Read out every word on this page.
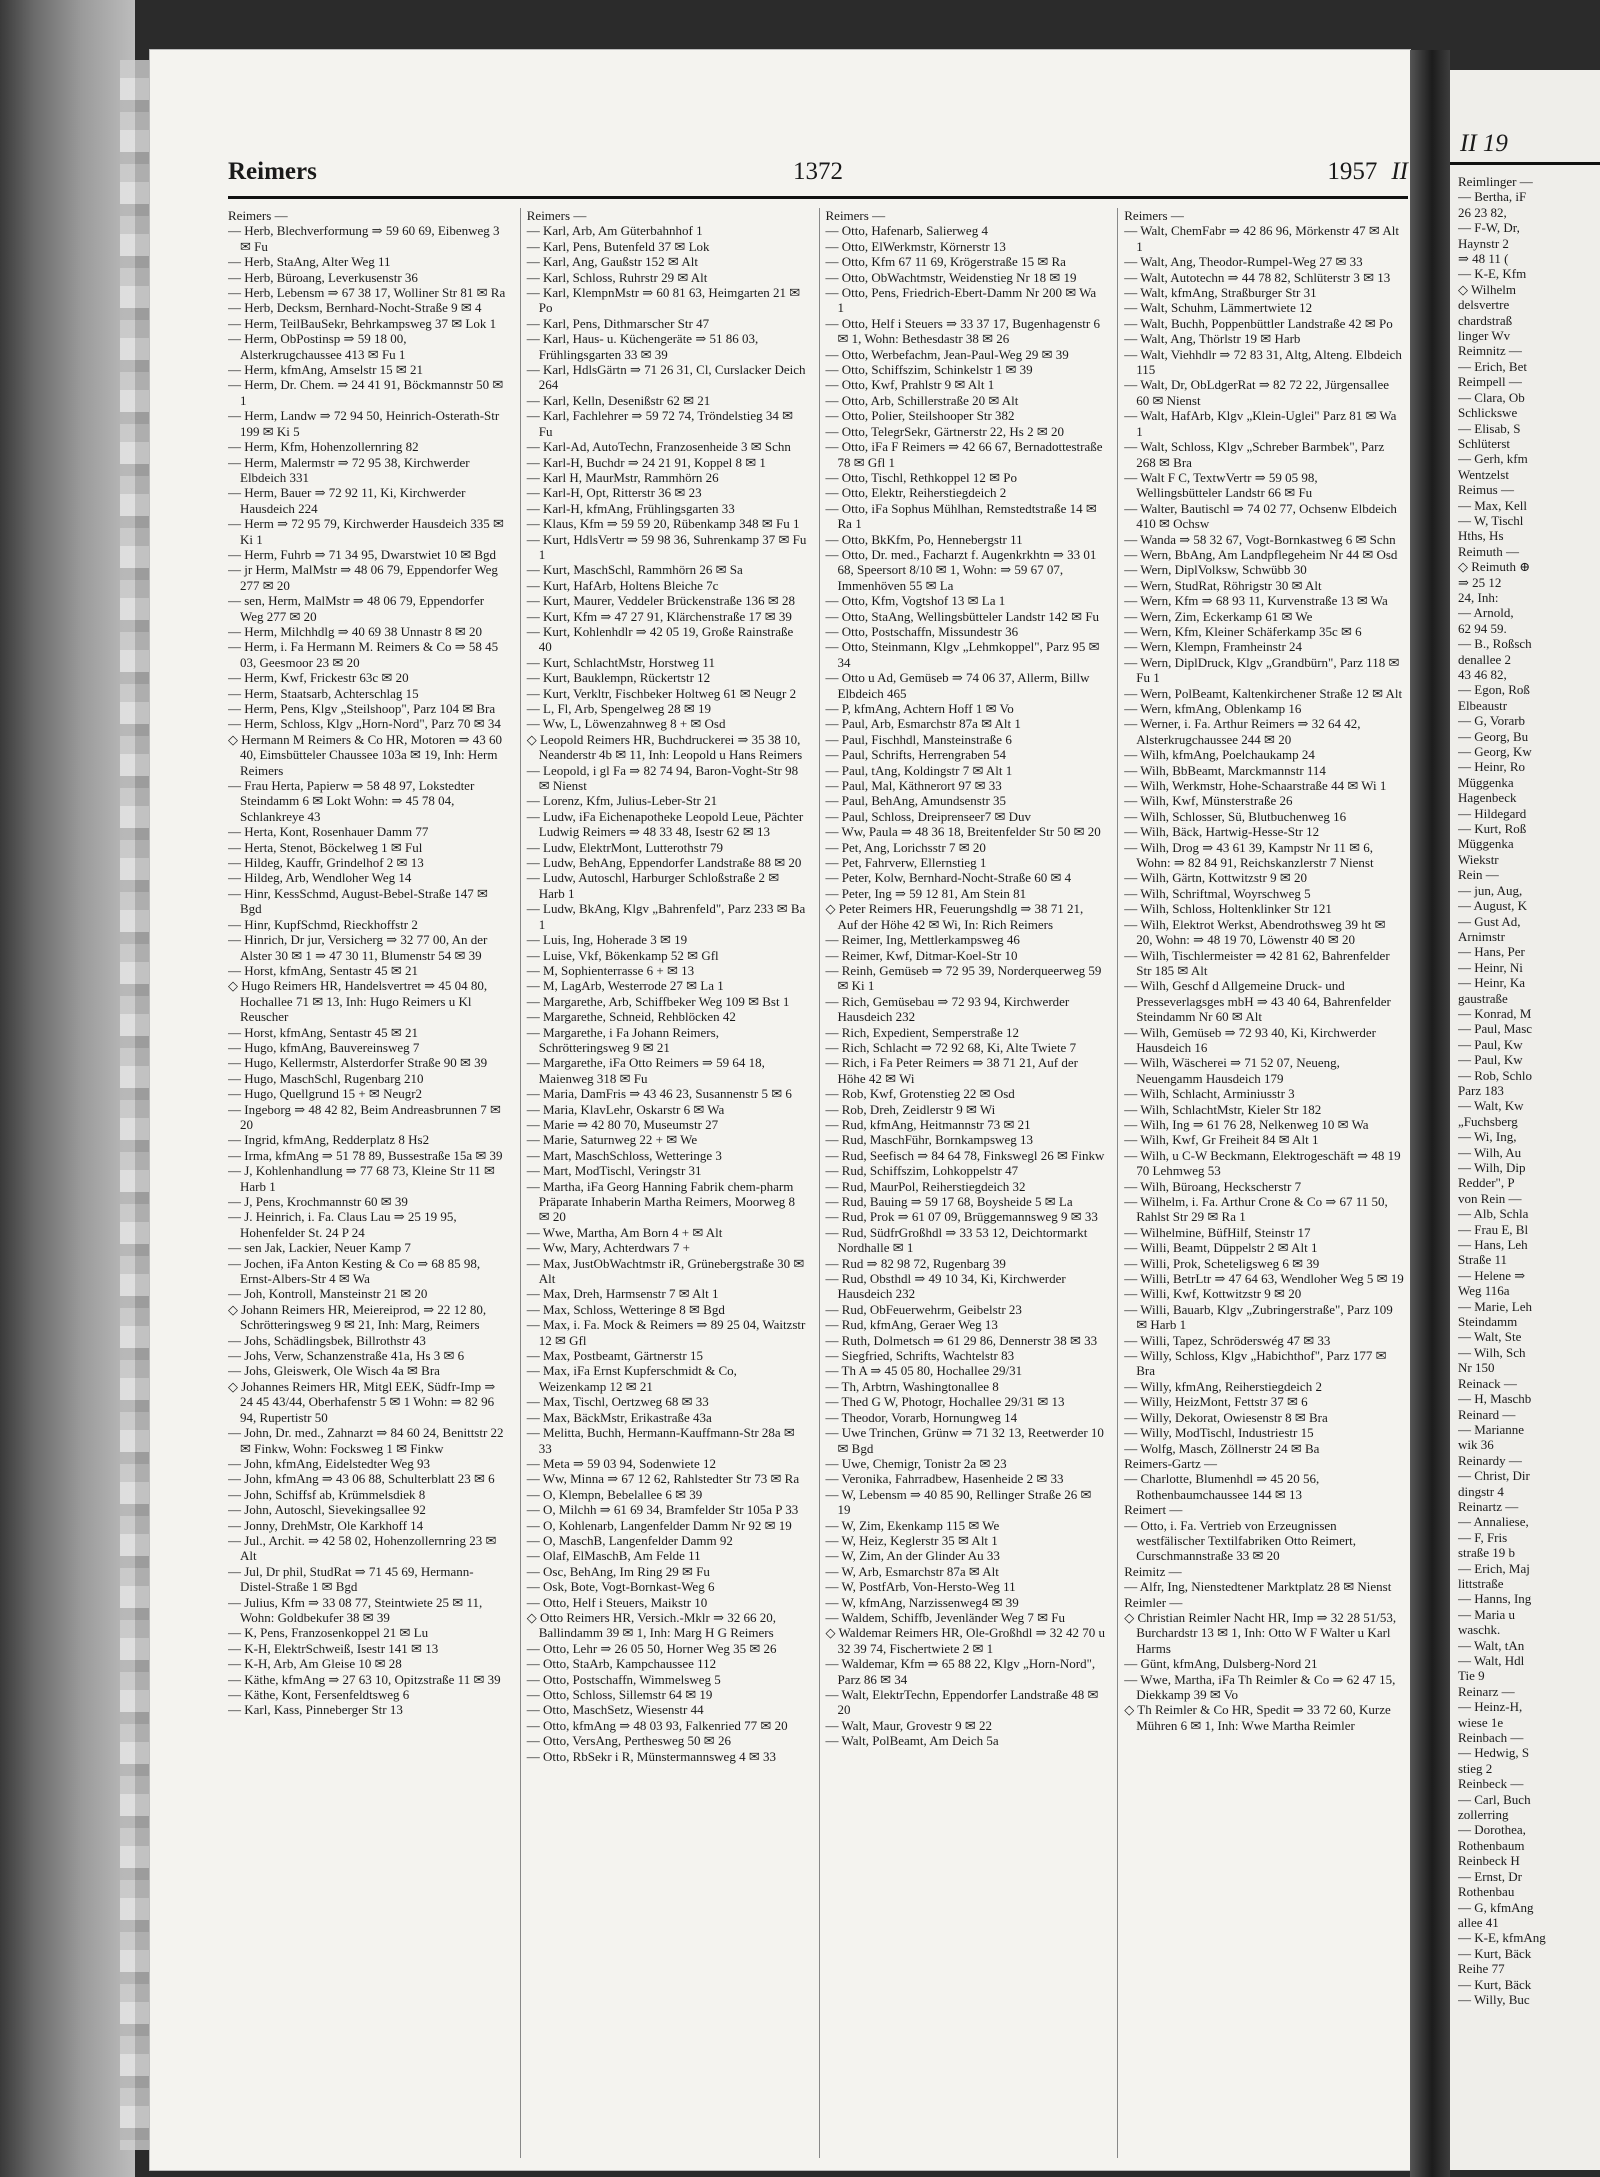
Reimers	1372	1957 II

Reimers —

— Herb, Blechverformung ⇒ 59 60 69, Eibenweg 3 ✉ Fu

— Herb, StaAng, Alter Weg 11

— Herb, Büroang, Leverkusenstr 36

— Herb, Lebensm ⇒ 67 38 17, Wolliner Str 81 ✉ Ra

— Herb, Decksm, Bernhard-Nocht-Straße 9 ✉ 4

— Herm, TeilBauSekr, Behrkampsweg 37 ✉ Lok 1

— Herm, ObPostinsp ⇒ 59 18 00, Alsterkrugchaussee 413 ✉ Fu 1

— Herm, kfmAng, Amselstr 15 ✉ 21

— Herm, Dr. Chem. ⇒ 24 41 91, Böckmannstr 50 ✉ 1

— Herm, Landw ⇒ 72 94 50, Heinrich-Osterath-Str 199 ✉ Ki 5

— Herm, Kfm, Hohenzollernring 82

— Herm, Malermstr ⇒ 72 95 38, Kirchwerder Elbdeich 331

— Herm, Bauer ⇒ 72 92 11, Ki, Kirchwerder Hausdeich 224

— Herm ⇒ 72 95 79, Kirchwerder Hausdeich 335 ✉ Ki 1

— Herm, Fuhrb ⇒ 71 34 95, Dwarstwiet 10 ✉ Bgd

— jr Herm, MalMstr ⇒ 48 06 79, Eppendorfer Weg 277 ✉ 20

— sen, Herm, MalMstr ⇒ 48 06 79, Eppendorfer Weg 277 ✉ 20

— Herm, Milchhdlg ⇒ 40 69 38 Unnastr 8 ✉ 20

— Herm, i. Fa Hermann M. Reimers & Co ⇒ 58 45 03, Geesmoor 23 ✉ 20

— Herm, Kwf, Frickestr 63c ✉ 20

— Herm, Staatsarb, Achterschlag 15

— Herm, Pens, Klgv „Steilshoop", Parz 104 ✉ Bra

— Herm, Schloss, Klgv „Horn-Nord", Parz 70 ✉ 34

◇ Hermann M Reimers & Co HR, Motoren ⇒ 43 60 40, Eimsbütteler Chaussee 103a ✉ 19, Inh: Herm Reimers

— Frau Herta, Papierw ⇒ 58 48 97, Lokstedter Steindamm 6 ✉ Lokt Wohn: ⇒ 45 78 04, Schlankreye 43

— Herta, Kont, Rosenhauer Damm 77

— Herta, Stenot, Böckelweg 1 ✉ Ful

— Hildeg, Kauffr, Grindelhof 2 ✉ 13

— Hildeg, Arb, Wendloher Weg 14

— Hinr, KessSchmd, August-Bebel-Straße 147 ✉ Bgd

— Hinr, KupfSchmd, Rieckhoffstr 2

— Hinrich, Dr jur, Versicherg ⇒ 32 77 00, An der Alster 30 ✉ 1 ⇒ 47 30 11, Blumenstr 54 ✉ 39

— Horst, kfmAng, Sentastr 45 ✉ 21

◇ Hugo Reimers HR, Handelsvertret ⇒ 45 04 80, Hochallee 71 ✉ 13, Inh: Hugo Reimers u Kl Reuscher

— Horst, kfmAng, Sentastr 45 ✉ 21

— Hugo, kfmAng, Bauvereinsweg 7

— Hugo, Kellermstr, Alsterdorfer Straße 90 ✉ 39

— Hugo, MaschSchl, Rugenbarg 210

— Hugo, Quellgrund 15 + ✉ Neugr2

— Ingeborg ⇒ 48 42 82, Beim Andreasbrunnen 7 ✉ 20

— Ingrid, kfmAng, Redderplatz 8 Hs2

— Irma, kfmAng ⇒ 51 78 89, Bussestraße 15a ✉ 39

— J, Kohlenhandlung ⇒ 77 68 73, Kleine Str 11 ✉ Harb 1

— J, Pens, Krochmannstr 60 ✉ 39

— J. Heinrich, i. Fa. Claus Lau ⇒ 25 19 95, Hohenfelder St. 24 P 24

— sen Jak, Lackier, Neuer Kamp 7

— Jochen, iFa Anton Kesting & Co ⇒ 68 85 98, Ernst-Albers-Str 4 ✉ Wa

— Joh, Kontroll, Mansteinstr 21 ✉ 20

◇ Johann Reimers HR, Meiereiprod, ⇒ 22 12 80, Schrötteringsweg 9 ✉ 21, Inh: Marg, Reimers

— Johs, Schädlingsbek, Billrothstr 43

— Johs, Verw, Schanzenstraße 41a, Hs 3 ✉ 6

— Johs, Gleiswerk, Ole Wisch 4a ✉ Bra

◇ Johannes Reimers HR, Mitgl EEK, Südfr-Imp ⇒ 24 45 43/44, Oberhafenstr 5 ✉ 1 Wohn: ⇒ 82 96 94, Rupertistr 50

— John, Dr. med., Zahnarzt ⇒ 84 60 24, Benittstr 22 ✉ Finkw, Wohn: Focksweg 1 ✉ Finkw

— John, kfmAng, Eidelstedter Weg 93

— John, kfmAng ⇒ 43 06 88, Schulterblatt 23 ✉ 6

— John, Schiffsf ab, Krümmelsdiek 8

— John, Autoschl, Sievekingsallee 92

— Jonny, DrehMstr, Ole Karkhoff 14

— Jul., Archit. ⇒ 42 58 02, Hohenzollernring 23 ✉ Alt

— Jul, Dr phil, StudRat ⇒ 71 45 69, Hermann-Distel-Straße 1 ✉ Bgd

— Julius, Kfm ⇒ 33 08 77, Steintwiete 25 ✉ 11, Wohn: Goldbekufer 38 ✉ 39

— K, Pens, Franzosenkoppel 21 ✉ Lu

— K-H, ElektrSchweiß, Isestr 141 ✉ 13

— K-H, Arb, Am Gleise 10 ✉ 28

— Käthe, kfmAng ⇒ 27 63 10, Opitzstraße 11 ✉ 39

— Käthe, Kont, Fersenfeldtsweg 6

— Karl, Kass, Pinneberger Str 13

Reimers —

— Karl, Arb, Am Güterbahnhof 1

— Karl, Pens, Butenfeld 37 ✉ Lok

— Karl, Ang, Gaußstr 152 ✉ Alt

— Karl, Schloss, Ruhrstr 29 ✉ Alt

— Karl, KlempnMstr ⇒ 60 81 63, Heimgarten 21 ✉ Po

— Karl, Pens, Dithmarscher Str 47

— Karl, Haus- u. Küchengeräte ⇒ 51 86 03, Frühlingsgarten 33 ✉ 39

— Karl, HdlsGärtn ⇒ 71 26 31, Cl, Curslacker Deich 264

— Karl, Kelln, Desenißstr 62 ✉ 21

— Karl, Fachlehrer ⇒ 59 72 74, Tröndelstieg 34 ✉ Fu

— Karl-Ad, AutoTechn, Franzosenheide 3 ✉ Schn

— Karl-H, Buchdr ⇒ 24 21 91, Koppel 8 ✉ 1

— Karl H, MaurMstr, Rammhörn 26

— Karl-H, Opt, Ritterstr 36 ✉ 23

— Karl-H, kfmAng, Frühlingsgarten 33

— Klaus, Kfm ⇒ 59 59 20, Rübenkamp 348 ✉ Fu 1

— Kurt, HdlsVertr ⇒ 59 98 36, Suhrenkamp 37 ✉ Fu 1

— Kurt, MaschSchl, Rammhörn 26 ✉ Sa

— Kurt, HafArb, Holtens Bleiche 7c

— Kurt, Maurer, Veddeler Brückenstraße 136 ✉ 28

— Kurt, Kfm ⇒ 47 27 91, Klärchenstraße 17 ✉ 39

— Kurt, Kohlenhdlr ⇒ 42 05 19, Große Rainstraße 40

— Kurt, SchlachtMstr, Horstweg 11

— Kurt, Bauklempn, Rückertstr 12

— Kurt, Verkltr, Fischbeker Holtweg 61 ✉ Neugr 2

— L, Fl, Arb, Spengelweg 28 ✉ 19

— Ww, L, Löwenzahnweg 8 + ✉ Osd

◇ Leopold Reimers HR, Buchdruckerei ⇒ 35 38 10, Neanderstr 4b ✉ 11, Inh: Leopold u Hans Reimers

— Leopold, i gl Fa ⇒ 82 74 94, Baron-Voght-Str 98 ✉ Nienst

— Lorenz, Kfm, Julius-Leber-Str 21

— Ludw, iFa Eichenapotheke Leopold Leue, Pächter Ludwig Reimers ⇒ 48 33 48, Isestr 62 ✉ 13

— Ludw, ElektrMont, Lutterothstr 79

— Ludw, BehAng, Eppendorfer Landstraße 88 ✉ 20

— Ludw, Autoschl, Harburger Schloßstraße 2 ✉ Harb 1

— Ludw, BkAng, Klgv „Bahrenfeld", Parz 233 ✉ Ba 1

— Luis, Ing, Hoherade 3 ✉ 19

— Luise, Vkf, Bökenkamp 52 ✉ Gfl

— M, Sophienterrasse 6 + ✉ 13

— M, LagArb, Westerrode 27 ✉ La 1

— Margarethe, Arb, Schiffbeker Weg 109 ✉ Bst 1

— Margarethe, Schneid, Rehblöcken 42

— Margarethe, i Fa Johann Reimers, Schrötteringsweg 9 ✉ 21

— Margarethe, iFa Otto Reimers ⇒ 59 64 18, Maienweg 318 ✉ Fu

— Maria, DamFris ⇒ 43 46 23, Susannenstr 5 ✉ 6

— Maria, KlavLehr, Oskarstr 6 ✉ Wa

— Marie ⇒ 42 80 70, Museumstr 27

— Marie, Saturnweg 22 + ✉ We

— Mart, MaschSchloss, Wetteringe 3

— Mart, ModTischl, Veringstr 31

— Martha, iFa Georg Hanning Fabrik chem-pharm Präparate Inhaberin Martha Reimers, Moorweg 8 ✉ 20

— Wwe, Martha, Am Born 4 + ✉ Alt

— Ww, Mary, Achterdwars 7 +

— Max, JustObWachtmstr iR, Grünebergstraße 30 ✉ Alt

— Max, Dreh, Harmsenstr 7 ✉ Alt 1

— Max, Schloss, Wetteringe 8 ✉ Bgd

— Max, i. Fa. Mock & Reimers ⇒ 89 25 04, Waitzstr 12 ✉ Gfl

— Max, Postbeamt, Gärtnerstr 15

— Max, iFa Ernst Kupferschmidt & Co, Weizenkamp 12 ✉ 21

— Max, Tischl, Oertzweg 68 ✉ 33

— Max, BäckMstr, Erikastraße 43a

— Melitta, Buchh, Hermann-Kauffmann-Str 28a ✉ 33

— Meta ⇒ 59 03 94, Sodenwiete 12

— Ww, Minna ⇒ 67 12 62, Rahlstedter Str 73 ✉ Ra

— O, Klempn, Bebelallee 6 ✉ 39

— O, Milchh ⇒ 61 69 34, Bramfelder Str 105a P 33

— O, Kohlenarb, Langenfelder Damm Nr 92 ✉ 19

— O, MaschB, Langenfelder Damm 92

— Olaf, ElMaschB, Am Felde 11

— Osc, BehAng, Im Ring 29 ✉ Fu

— Osk, Bote, Vogt-Bornkast-Weg 6

— Otto, Helf i Steuers, Maikstr 10

◇ Otto Reimers HR, Versich.-Mklr ⇒ 32 66 20, Ballindamm 39 ✉ 1, Inh: Marg H G Reimers

— Otto, Lehr ⇒ 26 05 50, Horner Weg 35 ✉ 26

— Otto, StaArb, Kampchaussee 112

— Otto, Postschaffn, Wimmelsweg 5

— Otto, Schloss, Sillemstr 64 ✉ 19

— Otto, MaschSetz, Wiesenstr 44

— Otto, kfmAng ⇒ 48 03 93, Falkenried 77 ✉ 20

— Otto, VersAng, Perthesweg 50 ✉ 26

— Otto, RbSekr i R, Münstermannsweg 4 ✉ 33

Reimers —

— Otto, Hafenarb, Salierweg 4

— Otto, ElWerkmstr, Körnerstr 13

— Otto, Kfm 67 11 69, Krögerstraße 15 ✉ Ra

— Otto, ObWachtmstr, Weidenstieg Nr 18 ✉ 19

— Otto, Pens, Friedrich-Ebert-Damm Nr 200 ✉ Wa 1

— Otto, Helf i Steuers ⇒ 33 37 17, Bugenhagenstr 6 ✉ 1, Wohn: Bethesdastr 38 ✉ 26

— Otto, Werbefachm, Jean-Paul-Weg 29 ✉ 39

— Otto, Schiffszim, Schinkelstr 1 ✉ 39

— Otto, Kwf, Prahlstr 9 ✉ Alt 1

— Otto, Arb, Schillerstraße 20 ✉ Alt

— Otto, Polier, Steilshooper Str 382

— Otto, TelegrSekr, Gärtnerstr 22, Hs 2 ✉ 20

— Otto, iFa F Reimers ⇒ 42 66 67, Bernadottestraße 78 ✉ Gfl 1

— Otto, Tischl, Rethkoppel 12 ✉ Po

— Otto, Elektr, Reiherstiegdeich 2

— Otto, iFa Sophus Mühlhan, Remstedtstraße 14 ✉ Ra 1

— Otto, BkKfm, Po, Hennebergstr 11

— Otto, Dr. med., Facharzt f. Augenkrkhtn ⇒ 33 01 68, Speersort 8/10 ✉ 1, Wohn: ⇒ 59 67 07, Immenhöven 55 ✉ La

— Otto, Kfm, Vogtshof 13 ✉ La 1

— Otto, StaAng, Wellingsbütteler Landstr 142 ✉ Fu

— Otto, Postschaffn, Missundestr 36

— Otto, Steinmann, Klgv „Lehmkoppel", Parz 95 ✉ 34

— Otto u Ad, Gemüseb ⇒ 74 06 37, Allerm, Billw Elbdeich 465

— P, kfmAng, Achtern Hoff 1 ✉ Vo

— Paul, Arb, Esmarchstr 87a ✉ Alt 1

— Paul, Fischhdl, Mansteinstraße 6

— Paul, Schrifts, Herrengraben 54

— Paul, tAng, Koldingstr 7 ✉ Alt 1

— Paul, Mal, Käthnerort 97 ✉ 33

— Paul, BehAng, Amundsenstr 35

— Paul, Schloss, Dreiprenseer7 ✉ Duv

— Ww, Paula ⇒ 48 36 18, Breitenfelder Str 50 ✉ 20

— Pet, Ang, Lorichsstr 7 ✉ 20

— Pet, Fahrverw, Ellernstieg 1

— Peter, Kolw, Bernhard-Nocht-Straße 60 ✉ 4

— Peter, Ing ⇒ 59 12 81, Am Stein 81

◇ Peter Reimers HR, Feuerungshdlg ⇒ 38 71 21, Auf der Höhe 42 ✉ Wi, In: Rich Reimers

— Reimer, Ing, Mettlerkampsweg 46

— Reimer, Kwf, Ditmar-Koel-Str 10

— Reinh, Gemüseb ⇒ 72 95 39, Norderqueerweg 59 ✉ Ki 1

— Rich, Gemüsebau ⇒ 72 93 94, Kirchwerder Hausdeich 232

— Rich, Expedient, Semperstraße 12

— Rich, Schlacht ⇒ 72 92 68, Ki, Alte Twiete 7

— Rich, i Fa Peter Reimers ⇒ 38 71 21, Auf der Höhe 42 ✉ Wi

— Rob, Kwf, Grotenstieg 22 ✉ Osd

— Rob, Dreh, Zeidlerstr 9 ✉ Wi

— Rud, kfmAng, Heitmannstr 73 ✉ 21

— Rud, MaschFühr, Bornkampsweg 13

— Rud, Seefisch ⇒ 84 64 78, Finkswegl 26 ✉ Finkw

— Rud, Schiffszim, Lohkoppelstr 47

— Rud, MaurPol, Reiherstiegdeich 32

— Rud, Bauing ⇒ 59 17 68, Boysheide 5 ✉ La

— Rud, Prok ⇒ 61 07 09, Brüggemannsweg 9 ✉ 33

— Rud, SüdfrGroßhdl ⇒ 33 53 12, Deichtormarkt Nordhalle ✉ 1

— Rud ⇒ 82 98 72, Rugenbarg 39

— Rud, Obsthdl ⇒ 49 10 34, Ki, Kirchwerder Hausdeich 232

— Rud, ObFeuerwehrm, Geibelstr 23

— Rud, kfmAng, Geraer Weg 13

— Ruth, Dolmetsch ⇒ 61 29 86, Dennerstr 38 ✉ 33

— Siegfried, Schrifts, Wachtelstr 83

— Th A ⇒ 45 05 80, Hochallee 29/31

— Th, Arbtrn, Washingtonallee 8

— Thed G W, Photogr, Hochallee 29/31 ✉ 13

— Theodor, Vorarb, Hornungweg 14

— Uwe Trinchen, Grünw ⇒ 71 32 13, Reetwerder 10 ✉ Bgd

— Uwe, Chemigr, Tonistr 2a ✉ 23

— Veronika, Fahrradbew, Hasenheide 2 ✉ 33

— W, Lebensm ⇒ 40 85 90, Rellinger Straße 26 ✉ 19

— W, Zim, Ekenkamp 115 ✉ We

— W, Heiz, Keglerstr 35 ✉ Alt 1

— W, Zim, An der Glinder Au 33

— W, Arb, Esmarchstr 87a ✉ Alt

— W, PostfArb, Von-Hersto-Weg 11

— W, kfmAng, Narzissenweg4 ✉ 39

— Waldem, Schiffb, Jevenländer Weg 7 ✉ Fu

◇ Waldemar Reimers HR, Ole-Großhdl ⇒ 32 42 70 u 32 39 74, Fischertwiete 2 ✉ 1

— Waldemar, Kfm ⇒ 65 88 22, Klgv „Horn-Nord", Parz 86 ✉ 34

— Walt, ElektrTechn, Eppendorfer Landstraße 48 ✉ 20

— Walt, Maur, Grovestr 9 ✉ 22

— Walt, PolBeamt, Am Deich 5a

Reimers —

— Walt, ChemFabr ⇒ 42 86 96, Mörkenstr 47 ✉ Alt 1

— Walt, Ang, Theodor-Rumpel-Weg 27 ✉ 33

— Walt, Autotechn ⇒ 44 78 82, Schlüterstr 3 ✉ 13

— Walt, kfmAng, Straßburger Str 31

— Walt, Schuhm, Lämmertwiete 12

— Walt, Buchh, Poppenbüttler Landstraße 42 ✉ Po

— Walt, Ang, Thörlstr 19 ✉ Harb

— Walt, Viehhdlr ⇒ 72 83 31, Altg, Alteng. Elbdeich 115

— Walt, Dr, ObLdgerRat ⇒ 82 72 22, Jürgensallee 60 ✉ Nienst

— Walt, HafArb, Klgv „Klein-Uglei" Parz 81 ✉ Wa 1

— Walt, Schloss, Klgv „Schreber Barmbek", Parz 268 ✉ Bra

— Walt F C, TextwVertr ⇒ 59 05 98, Wellingsbütteler Landstr 66 ✉ Fu

— Walter, Bautischl ⇒ 74 02 77, Ochsenw Elbdeich 410 ✉ Ochsw

— Wanda ⇒ 58 32 67, Vogt-Bornkastweg 6 ✉ Schn

— Wern, BbAng, Am Landpflegeheim Nr 44 ✉ Osd

— Wern, DiplVolksw, Schwübb 30

— Wern, StudRat, Röhrigstr 30 ✉ Alt

— Wern, Kfm ⇒ 68 93 11, Kurvenstraße 13 ✉ Wa

— Wern, Zim, Eckerkamp 61 ✉ We

— Wern, Kfm, Kleiner Schäferkamp 35c ✉ 6

— Wern, Klempn, Framheinstr 24

— Wern, DiplDruck, Klgv „Grandbürn", Parz 118 ✉ Fu 1

— Wern, PolBeamt, Kaltenkirchener Straße 12 ✉ Alt

— Wern, kfmAng, Oblenkamp 16

— Werner, i. Fa. Arthur Reimers ⇒ 32 64 42, Alsterkrugchaussee 244 ✉ 20

— Wilh, kfmAng, Poelchaukamp 24

— Wilh, BbBeamt, Marckmannstr 114

— Wilh, Werkmstr, Hohe-Schaarstraße 44 ✉ Wi 1

— Wilh, Kwf, Münsterstraße 26

— Wilh, Schlosser, Sü, Blutbuchenweg 16

— Wilh, Bäck, Hartwig-Hesse-Str 12

— Wilh, Drog ⇒ 43 61 39, Kampstr Nr 11 ✉ 6, Wohn: ⇒ 82 84 91, Reichskanzlerstr 7 Nienst

— Wilh, Gärtn, Kottwitzstr 9 ✉ 20

— Wilh, Schriftmal, Woyrschweg 5

— Wilh, Schloss, Holtenklinker Str 121

— Wilh, Elektrot Werkst, Abendrothsweg 39 ht ✉ 20, Wohn: ⇒ 48 19 70, Löwenstr 40 ✉ 20

— Wilh, Tischlermeister ⇒ 42 81 62, Bahrenfelder Str 185 ✉ Alt

— Wilh, Geschf d Allgemeine Druck- und Presseverlagsges mbH ⇒ 43 40 64, Bahrenfelder Steindamm Nr 60 ✉ Alt

— Wilh, Gemüseb ⇒ 72 93 40, Ki, Kirchwerder Hausdeich 16

— Wilh, Wäscherei ⇒ 71 52 07, Neueng, Neuengamm Hausdeich 179

— Wilh, Schlacht, Arminiusstr 3

— Wilh, SchlachtMstr, Kieler Str 182

— Wilh, Ing ⇒ 61 76 28, Nelkenweg 10 ✉ Wa

— Wilh, Kwf, Gr Freiheit 84 ✉ Alt 1

— Wilh, u C-W Beckmann, Elektrogeschäft ⇒ 48 19 70 Lehmweg 53

— Wilh, Büroang, Heckscherstr 7

— Wilhelm, i. Fa. Arthur Crone & Co ⇒ 67 11 50, Rahlst Str 29 ✉ Ra 1

— Wilhelmine, BüfHilf, Steinstr 17

— Willi, Beamt, Düppelstr 2 ✉ Alt 1

— Willi, Prok, Scheteligsweg 6 ✉ 39

— Willi, BetrLtr ⇒ 47 64 63, Wendloher Weg 5 ✉ 19

— Willi, Kwf, Kottwitzstr 9 ✉ 20

— Willi, Bauarb, Klgv „Zubringerstraße", Parz 109 ✉ Harb 1

— Willi, Tapez, Schröderswég 47 ✉ 33

— Willy, Schloss, Klgv „Habichthof", Parz 177 ✉ Bra

— Willy, kfmAng, Reiherstiegdeich 2

— Willy, HeizMont, Fettstr 37 ✉ 6

— Willy, Dekorat, Owiesenstr 8 ✉ Bra

— Willy, ModTischl, Industriestr 15

— Wolfg, Masch, Zöllnerstr 24 ✉ Ba

Reimers-Gartz —

— Charlotte, Blumenhdl ⇒ 45 20 56, Rothenbaumchaussee 144 ✉ 13

Reimert —

— Otto, i. Fa. Vertrieb von Erzeugnissen westfälischer Textilfabriken Otto Reimert, Curschmannstraße 33 ✉ 20

Reimitz —

— Alfr, Ing, Nienstedtener Marktplatz 28 ✉ Nienst

Reimler —

◇ Christian Reimler Nacht HR, Imp ⇒ 32 28 51/53, Burchardstr 13 ✉ 1, Inh: Otto W F Walter u Karl Harms

— Günt, kfmAng, Dulsberg-Nord 21

— Wwe, Martha, iFa Th Reimler & Co ⇒ 62 47 15, Diekkamp 39 ✉ Vo

◇ Th Reimler & Co HR, Spedit ⇒ 33 72 60, Kurze Mühren 6 ✉ 1, Inh: Wwe Martha Reimler

II 19
Reimlinger —
— Bertha, iF
26 23 82,
— F-W, Dr,
Haynstr 2
⇒ 48 11 (
— K-E, Kfm
◇ Wilhelm
delsvertre
chardstraß
linger Wv
Reimnitz —
— Erich, Bet
Reimpell —
— Clara, Ob
Schlickswe
— Elisab, S
Schlüterst
— Gerh, kfm
Wentzelst
Reimus —
— Max, Kell
— W, Tischl
Hths, Hs
Reimuth —
◇ Reimuth ⊕
⇒ 25 12
24, Inh:
— Arnold,
62 94 59.
— B., Roßsch
denallee 2
43 46 82,
— Egon, Roß
Elbeaustr
— G, Vorarb
— Georg, Bu
— Georg, Kw
— Heinr, Ro
Müggenka
Hagenbeck
— Hildegard
— Kurt, Roß
Müggenka
Wiekstr
Rein —
— jun, Aug,
— August, K
— Gust Ad,
Arnimstr
— Hans, Per
— Heinr, Ni
— Heinr, Ka
gaustraße
— Konrad, M
— Paul, Masc
— Paul, Kw
— Paul, Kw
— Rob, Schlo
Parz 183
— Walt, Kw
„Fuchsberg
— Wi, Ing,
— Wilh, Au
— Wilh, Dip
Redder", P
von Rein —
— Alb, Schla
— Frau E, Bl
— Hans, Leh
Straße 11
— Helene ⇒
Weg 116a
— Marie, Leh
Steindamm
— Walt, Ste
— Wilh, Sch
Nr 150
Reinack —
— H, Maschb
Reinard —
— Marianne
wik 36
Reinardy —
— Christ, Dir
dingstr 4
Reinartz —
— Annaliese,
— F, Fris
straße 19 b
— Erich, Maj
littstraße
— Hanns, Ing
— Maria u
waschk.
— Walt, tAn
— Walt, Hdl
Tie 9
Reinarz —
— Heinz-H,
wiese 1e
Reinbach —
— Hedwig, S
stieg 2
Reinbeck —
— Carl, Buch
zollerring
— Dorothea,
Rothenbaum
Reinbeck H
— Ernst, Dr
Rothenbau
— G, kfmAng
allee 41
— K-E, kfmAng
— Kurt, Bäck
Reihe 77
— Kurt, Bäck
— Willy, Buc
